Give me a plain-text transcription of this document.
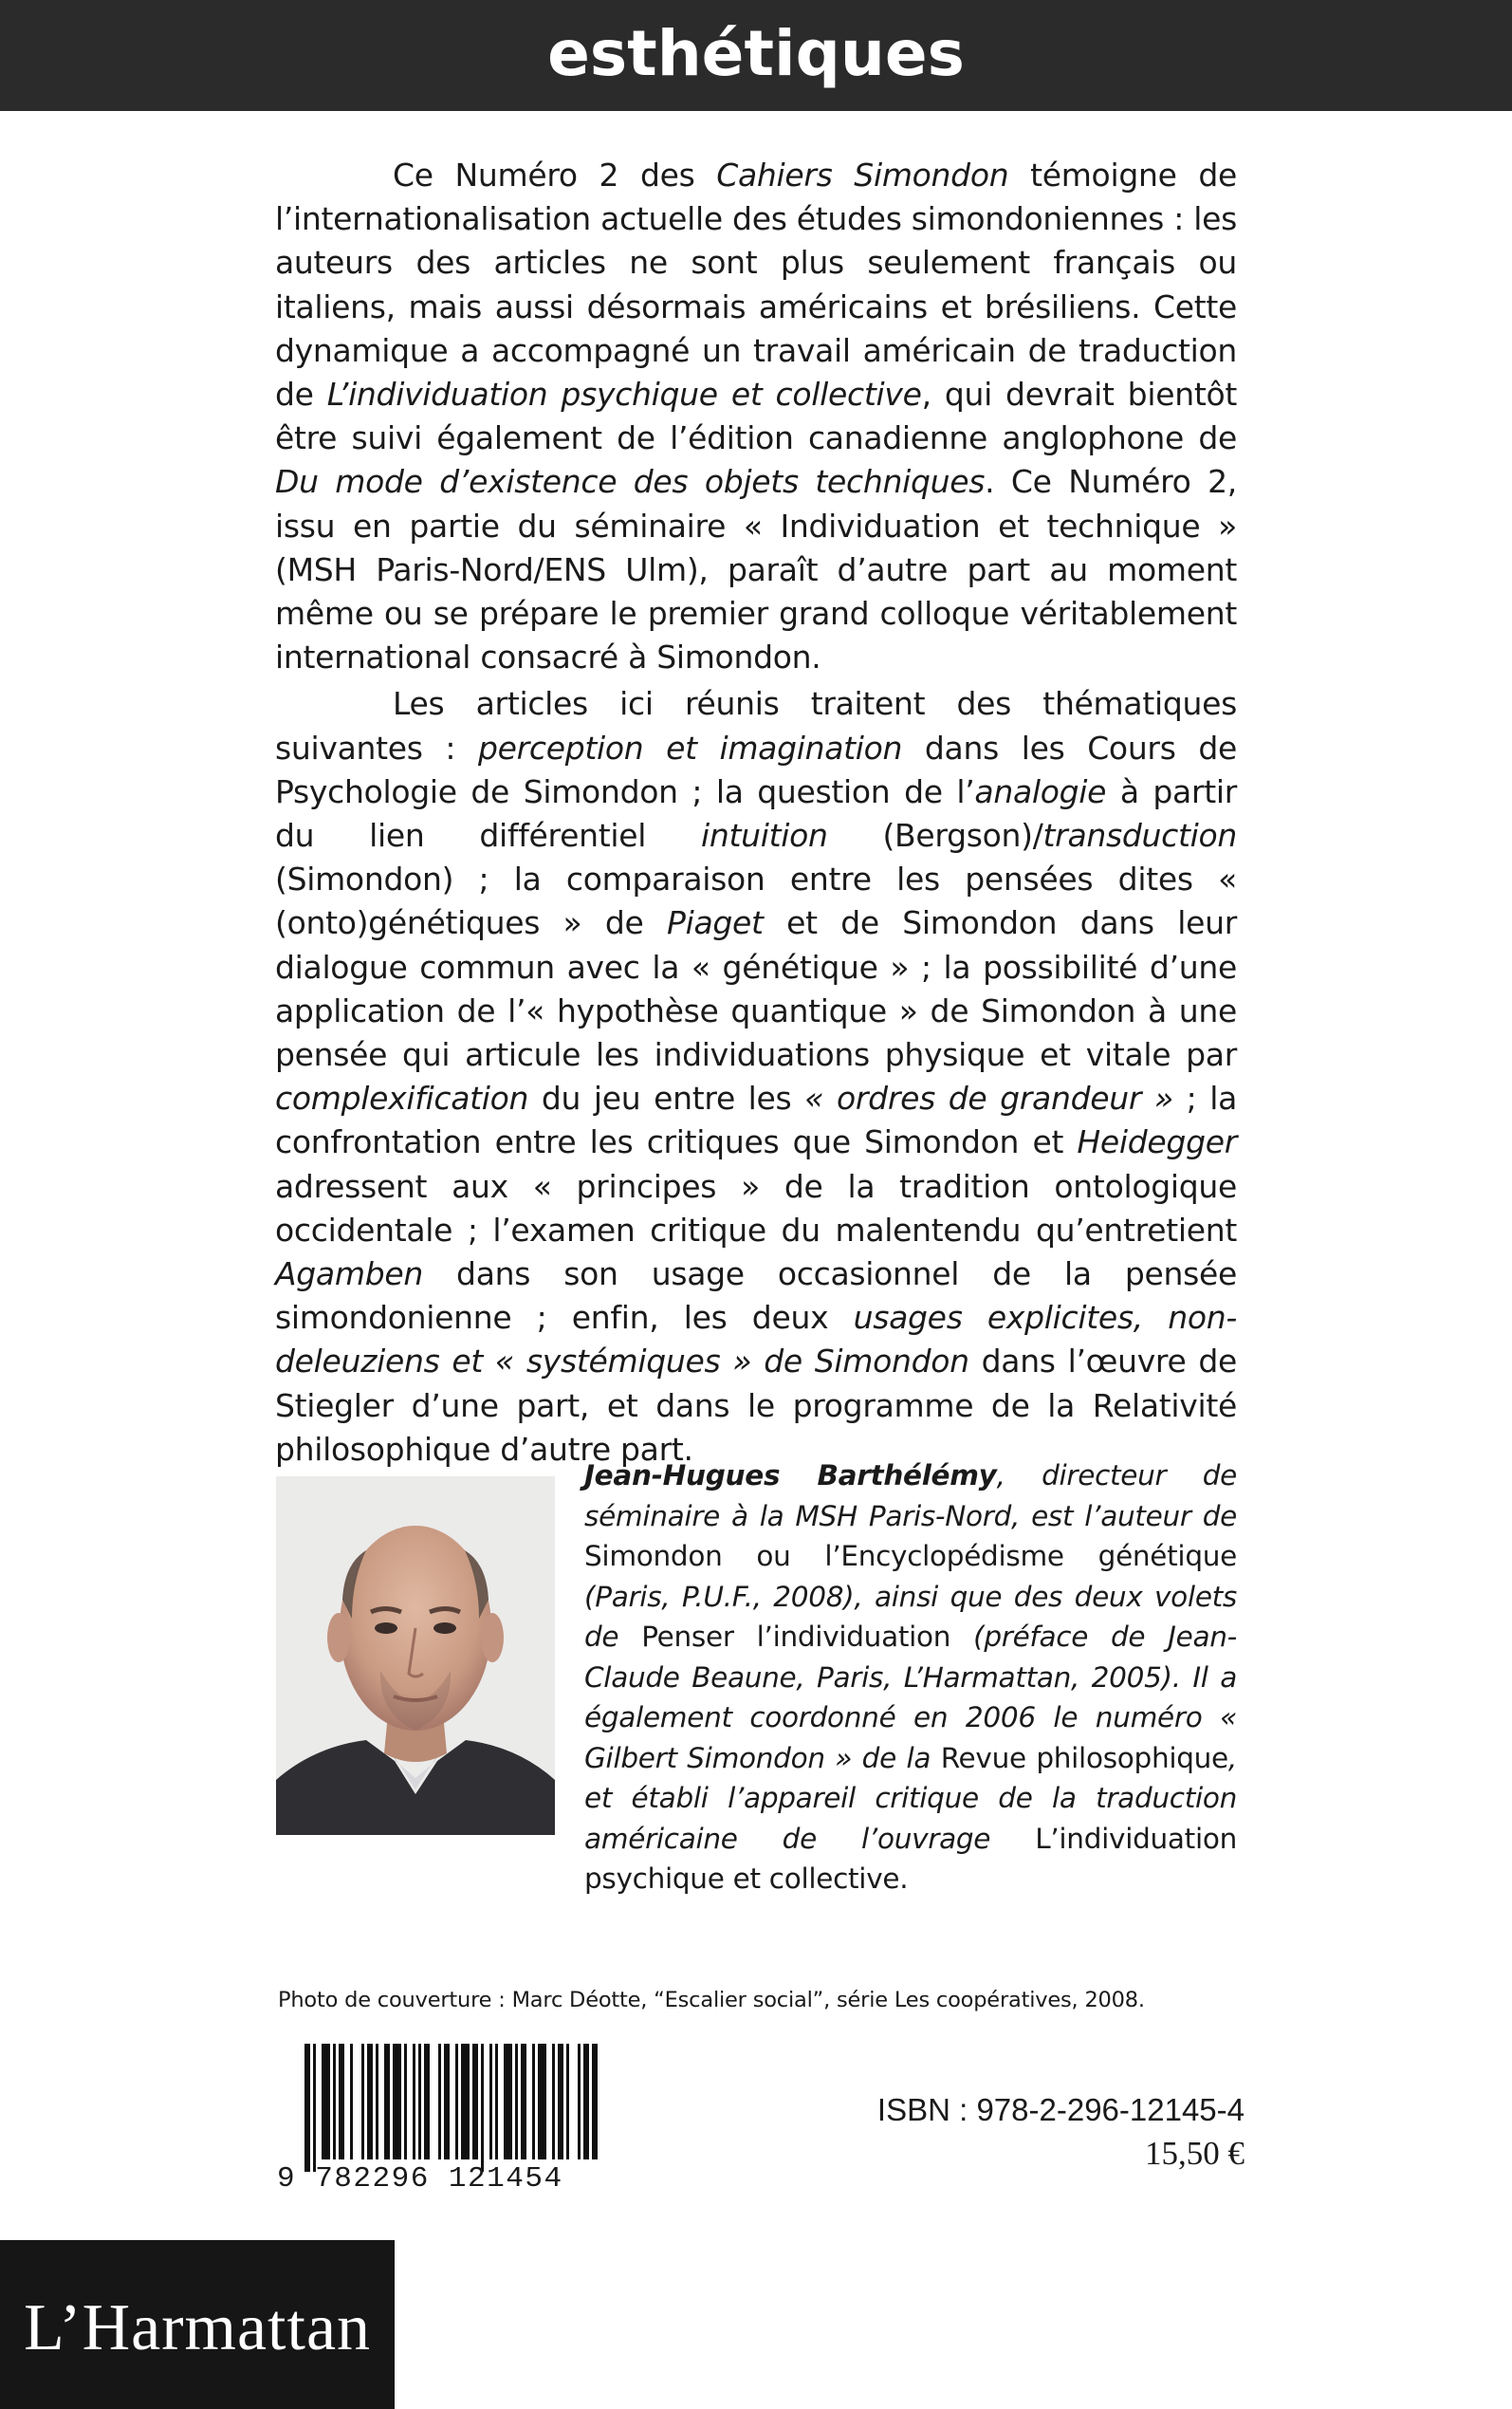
esthétiques

Ce Numéro 2 des Cahiers Simondon témoigne de l’internationalisation actuelle des études simondoniennes : les auteurs des articles ne sont plus seulement français ou italiens, mais aussi désormais américains et brésiliens. Cette dynamique a accompagné un travail américain de traduction de L’individuation psychique et collective, qui devrait bientôt être suivi également de l’édition canadienne anglophone de Du mode d’existence des objets techniques. Ce Numéro 2, issu en partie du séminaire « Individuation et technique » (MSH Paris-Nord/ENS Ulm), paraît d’autre part au moment même ou se prépare le premier grand colloque véritablement international consacré à Simondon.

Les articles ici réunis traitent des thématiques suivantes : perception et imagination dans les Cours de Psychologie de Simondon ; la question de l’analogie à partir du lien différentiel intuition (Bergson)/transduction (Simondon) ; la comparaison entre les pensées dites « (onto)génétiques » de Piaget et de Simondon dans leur dialogue commun avec la « génétique » ; la possibilité d’une application de l’« hypothèse quantique » de Simondon à une pensée qui articule les individuations physique et vitale par complexification du jeu entre les « ordres de grandeur » ; la confrontation entre les critiques que Simondon et Heidegger adressent aux « principes » de la tradition ontologique occidentale ; l’examen critique du malentendu qu’entretient Agamben dans son usage occasionnel de la pensée simondonienne ; enfin, les deux usages explicites, non-deleuziens et « systémiques » de Simondon dans l’œuvre de Stiegler d’une part, et dans le programme de la Relativité philosophique d’autre part.

Jean-Hugues Barthélémy, directeur de séminaire à la MSH Paris-Nord, est l’auteur de Simondon ou l’Encyclopédisme génétique (Paris, P.U.F., 2008), ainsi que des deux volets de Penser l’individuation (préface de Jean-Claude Beaune, Paris, L’Harmattan, 2005). Il a également coordonné en 2006 le numéro « Gilbert Simondon » de la Revue philosophique, et établi l’appareil critique de la traduction américaine de l’ouvrage L’individuation psychique et collective.
Photo de couverture : Marc Déotte, “Escalier social”, série Les coopératives, 2008.
9 782296 121454
ISBN : 978-2-296-12145-4
15,50 €
L’Harmattan
